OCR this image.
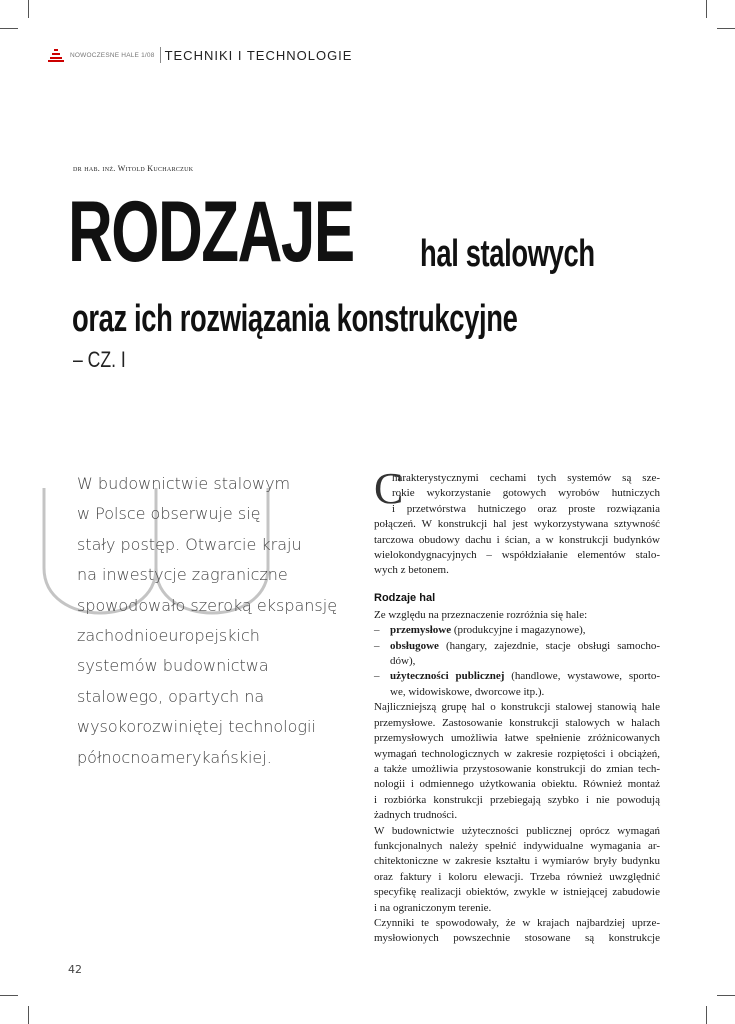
NOWOCZESNE HALE 1/08 TECHNIKI I TECHNOLOGIE
dr hab. inż. Witold Kucharczuk
RODZAJE hal stalowych
oraz ich rozwiązania konstrukcyjne
– CZ. I

W budownictwie stalowym

w Polsce obserwuje się

stały postęp. Otwarcie kraju

na inwestycje zagraniczne

spowodowało szeroką ekspansję

zachodnioeuropejskich

systemów budownictwa

stalowego, opartych na

wysokorozwiniętej technologii

północnoamerykańskiej.

C
harakterystycznymi cechami tych systemów są sze-
rokie wykorzystanie gotowych wyrobów hutniczych
i przetwórstwa hutniczego oraz proste rozwiązania
połączeń. W konstrukcji hal jest wykorzystywana sztywność
tarczowa obudowy dachu i ścian, a w konstrukcji budynków
wielokondygnacyjnych – współdziałanie elementów stalo-
wych z betonem.
Rodzaje hal
Ze względu na przeznaczenie rozróżnia się hale:
– przemysłowe (produkcyjne i magazynowe),
– obsługowe (hangary, zajezdnie, stacje obsługi samocho-
dów),
– użyteczności publicznej (handlowe, wystawowe, sporto-
we, widowiskowe, dworcowe itp.).
Najliczniejszą grupę hal o konstrukcji stalowej stanowią hale
przemysłowe. Zastosowanie konstrukcji stalowych w halach
przemysłowych umożliwia łatwe spełnienie zróżnicowanych
wymagań technologicznych w zakresie rozpiętości i obciążeń,
a także umożliwia przystosowanie konstrukcji do zmian tech-
nologii i odmiennego użytkowania obiektu. Również montaż
i rozbiórka konstrukcji przebiegają szybko i nie powodują
żadnych trudności.
W budownictwie użyteczności publicznej oprócz wymagań
funkcjonalnych należy spełnić indywidualne wymagania ar-
chitektoniczne w zakresie kształtu i wymiarów bryły budynku
oraz faktury i koloru elewacji. Trzeba również uwzględnić
specyfikę realizacji obiektów, zwykle w istniejącej zabudowie
i na ograniczonym terenie.
Czynniki te spowodowały, że w krajach najbardziej uprze-
mysłowionych powszechnie stosowane są konstrukcje
42
